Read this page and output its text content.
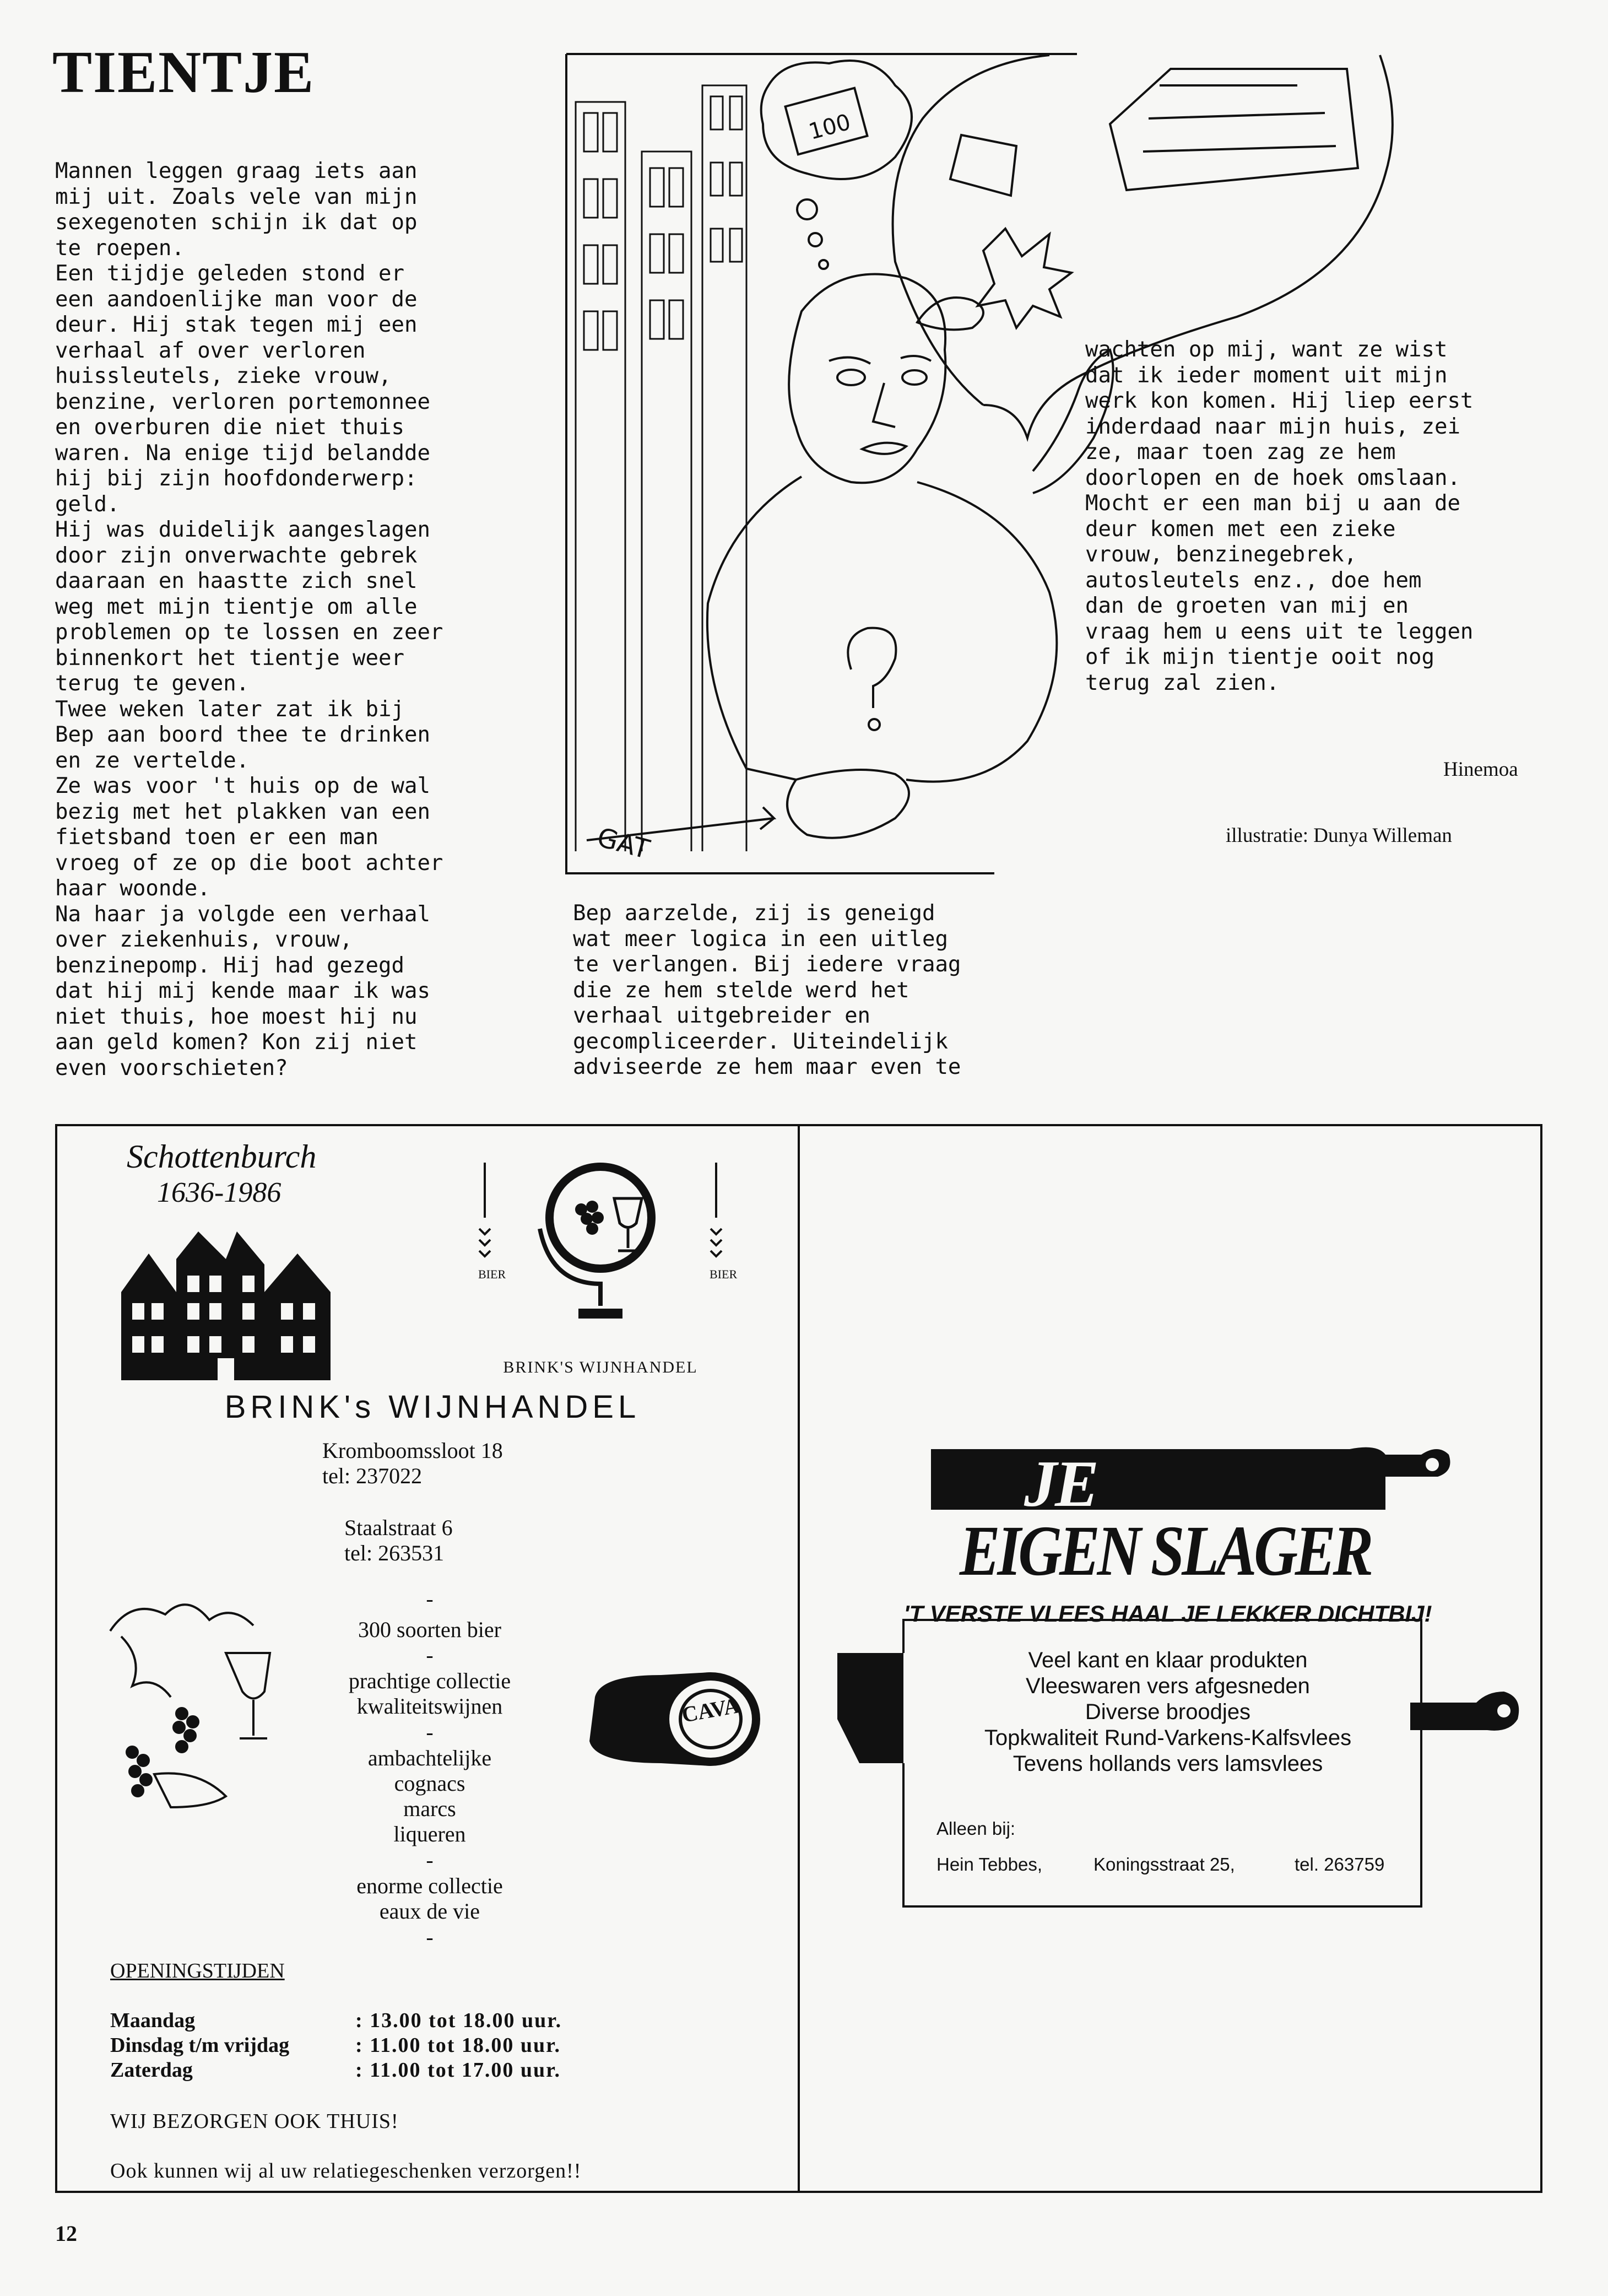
TIENTJE
Mannen leggen graag iets aan
mij uit. Zoals vele van mijn
sexegenoten schijn ik dat op
te roepen.
Een tijdje geleden stond er
een aandoenlijke man voor de
deur. Hij stak tegen mij een
verhaal af over verloren
huissleutels, zieke vrouw,
benzine, verloren portemonnee
en overburen die niet thuis
waren. Na enige tijd belandde
hij bij zijn hoofdonderwerp:
geld.
Hij was duidelijk aangeslagen
door zijn onverwachte gebrek
daaraan en haastte zich snel
weg met mijn tientje om alle
problemen op te lossen en zeer
binnenkort het tientje weer
terug te geven.
Twee weken later zat ik bij
Bep aan boord thee te drinken
en ze vertelde.
Ze was voor 't huis op de wal
bezig met het plakken van een
fietsband toen er een man
vroeg of ze op die boot achter
haar woonde.
Na haar ja volgde een verhaal
over ziekenhuis, vrouw,
benzinepomp. Hij had gezegd
dat hij mij kende maar ik was
niet thuis, hoe moest hij nu
aan geld komen? Kon zij niet
even voorschieten?
Bep aarzelde, zij is geneigd
wat meer logica in een uitleg
te verlangen. Bij iedere vraag
die ze hem stelde werd het
verhaal uitgebreider en
gecompliceerder. Uiteindelijk
adviseerde ze hem maar even te
wachten op mij, want ze wist
dat ik ieder moment uit mijn
werk kon komen. Hij liep eerst
inderdaad naar mijn huis, zei
ze, maar toen zag ze hem
doorlopen en de hoek omslaan.
Mocht er een man bij u aan de
deur komen met een zieke
vrouw, benzinegebrek,
autosleutels enz., doe hem
dan de groeten van mij en
vraag hem u eens uit te leggen
of ik mijn tientje ooit nog
terug zal zien.
Hinemoa
illustratie: Dunya Willeman
100
GAT
Schottenburch
1636-1986
BIER	BIER
BRINK'S WIJNHANDEL
BRINK's WIJNHANDEL
Kromboomssloot 18
tel: 237022
Staalstraat 6
tel: 263531
300 soorten bier
prachtige collectie
kwaliteitswijnen
ambachtelijke
cognacs
marcs
liqueren
enorme collectie
eaux de vie
CAVA
-
-
-
-
-
OPENINGSTIJDEN
Maandag	: 13.00 tot 18.00 uur.
Dinsdag t/m vrijdag	: 11.00 tot 18.00 uur.
Zaterdag	: 11.00 tot 17.00 uur.
WIJ BEZORGEN OOK THUIS!
Ook kunnen wij al uw relatiegeschenken verzorgen!!
JE
EIGEN SLAGER
'T VERSTE VLEES HAAL JE LEKKER DICHTBIJ!
Veel kant en klaar produkten
Vleeswaren vers afgesneden
Diverse broodjes
Topkwaliteit Rund-Varkens-Kalfsvlees
Tevens hollands vers lamsvlees
Alleen bij:
Hein Tebbes,	Koningsstraat 25,	tel. 263759
12
